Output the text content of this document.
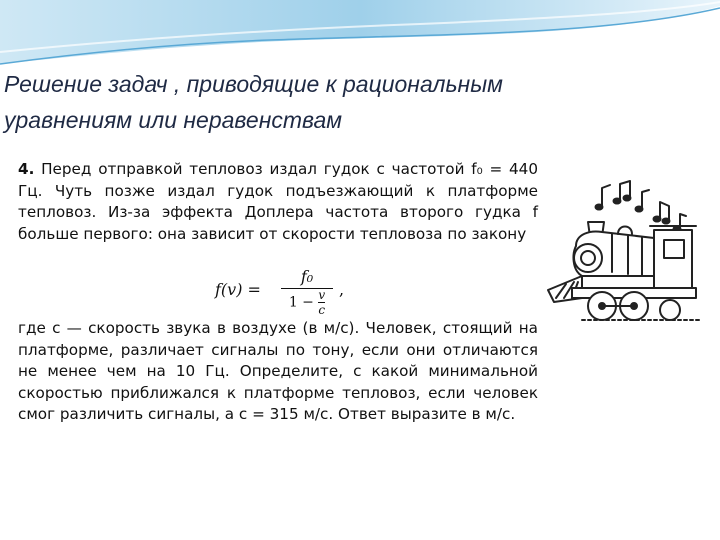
Решение задач , приводящие к рациональным
уравнениям или неравенствам

4. Перед отправкой тепловоз издал гудок с частотой f₀ = 440 Гц. Чуть позже издал гудок подъезжающий к платформе тепловоз. Из-за эффекта Доплера частота второго гудка f больше первого: она зависит от скорости тепловоза по закону

где c — скорость звука в воздухе (в м/с). Человек, стоящий на платформе, различает сигналы по тону, если они отличаются не менее чем на 10 Гц. Определите, с какой минимальной скоростью приближался к платформе тепловоз, если человек смог различить сигналы, а c = 315 м/с. Ответ выразите в м/с.

f(v) =
f₀
$1 - \frac{v}{c}$ ,
